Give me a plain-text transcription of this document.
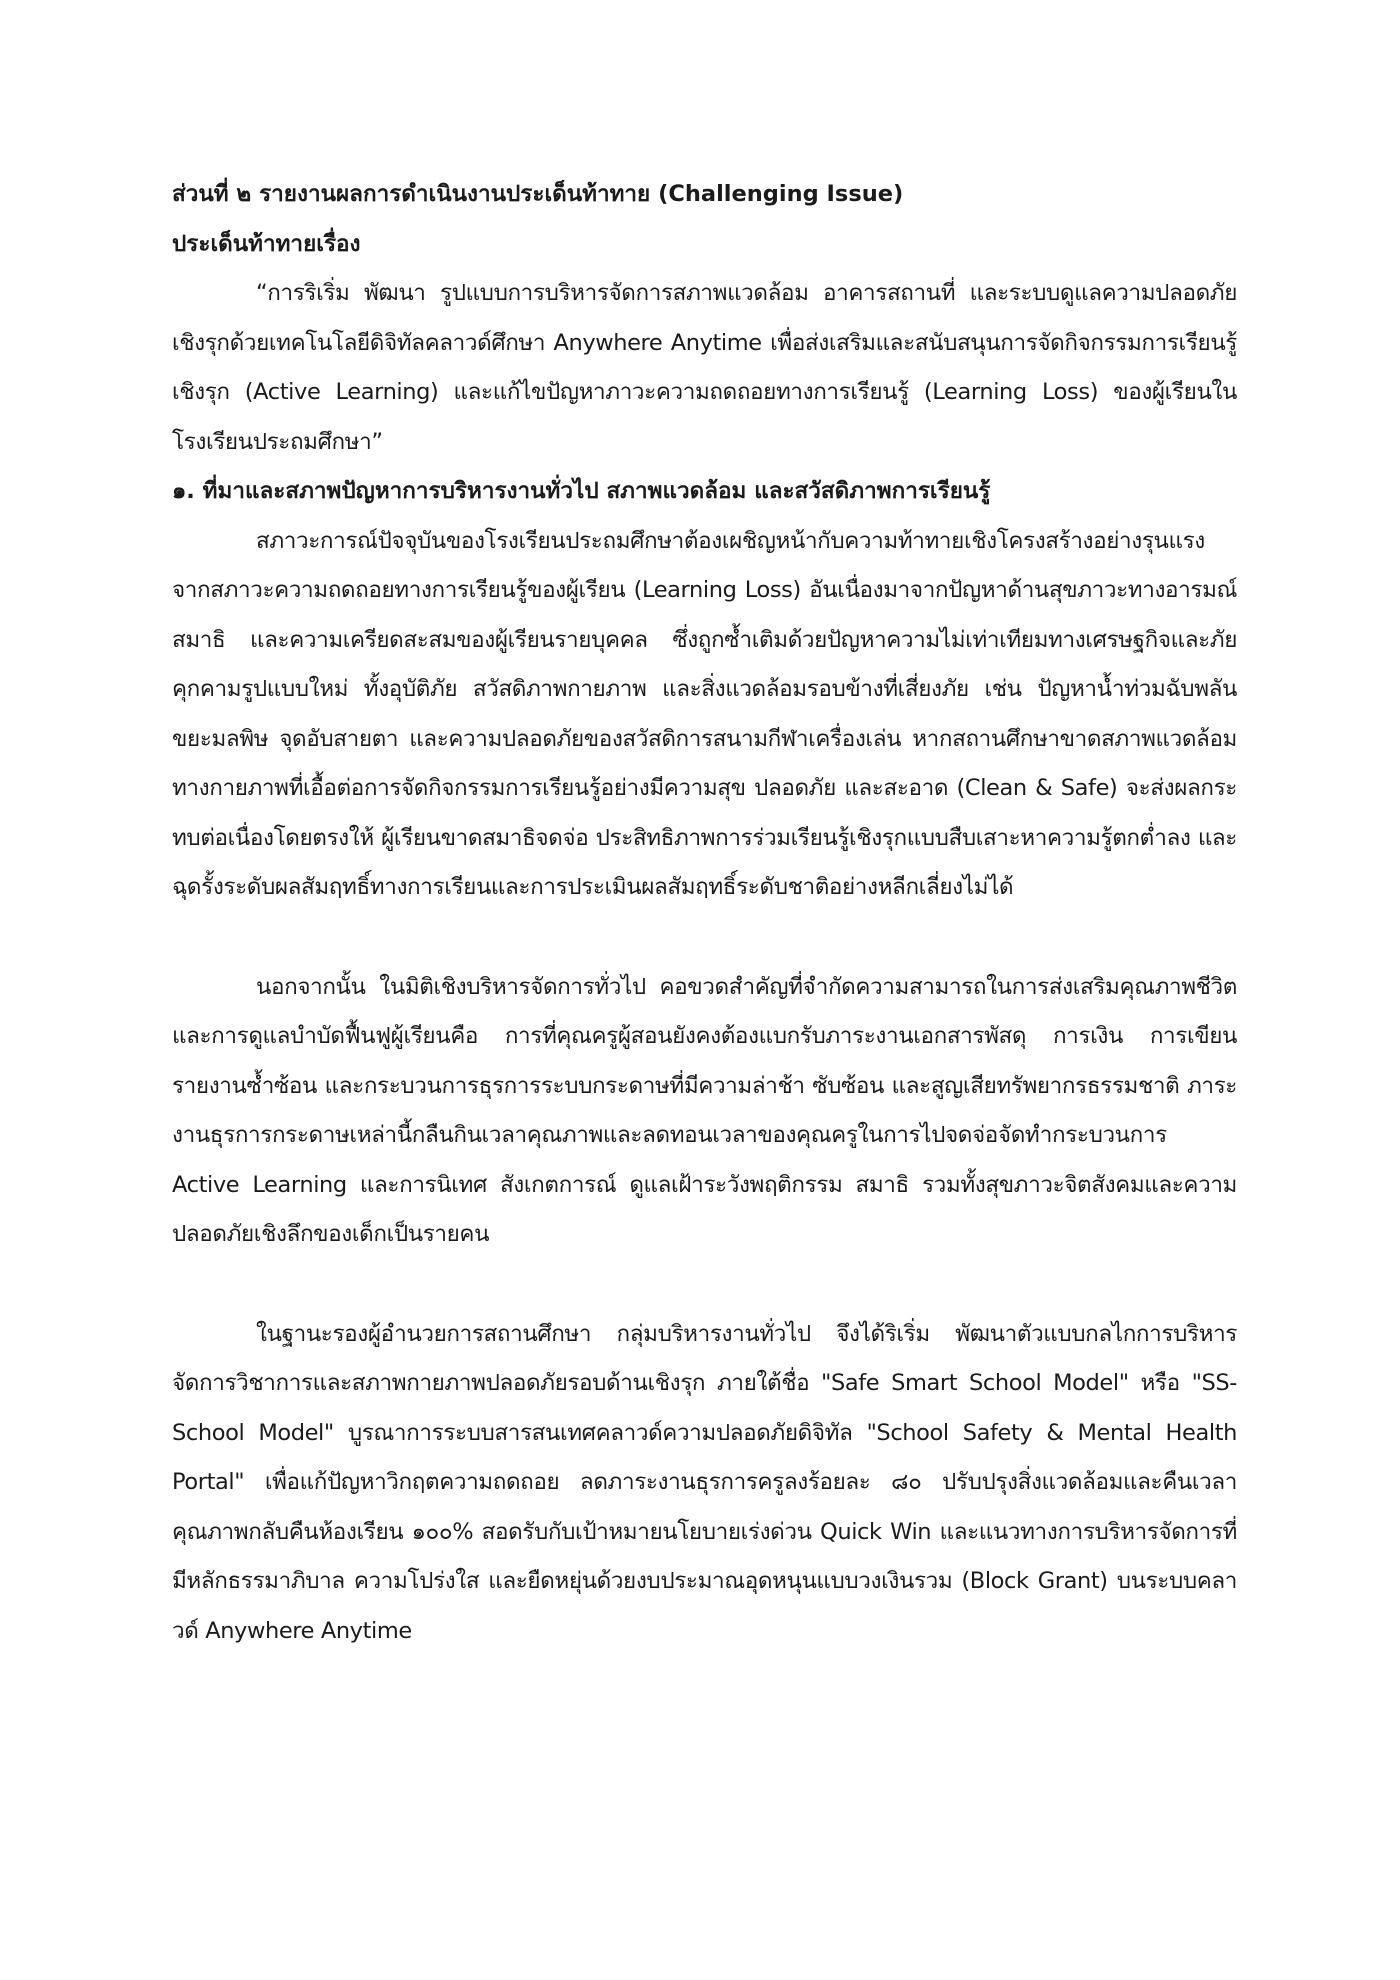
ส่วนที่ ๒ รายงานผลการดำเนินงานประเด็นท้าทาย (Challenging Issue)

ประเด็นท้าทายเรื่อง

“การริเริ่ม พัฒนา รูปแบบการบริหารจัดการสภาพแวดล้อม อาคารสถานที่ และระบบดูแลความปลอดภัยเชิงรุกด้วยเทคโนโลยีดิจิทัลคลาวด์ศึกษา Anywhere Anytime เพื่อส่งเสริมและสนับสนุนการจัดกิจกรรมการเรียนรู้เชิงรุก (Active Learning) และแก้ไขปัญหาภาวะความถดถอยทางการเรียนรู้ (Learning Loss) ของผู้เรียนในโรงเรียนประถมศึกษา”

๑. ที่มาและสภาพปัญหาการบริหารงานทั่วไป สภาพแวดล้อม และสวัสดิภาพการเรียนรู้

สภาวะการณ์ปัจจุบันของโรงเรียนประถมศึกษาต้องเผชิญหน้ากับความท้าทายเชิงโครงสร้างอย่างรุนแรงจากสภาวะความถดถอยทางการเรียนรู้ของผู้เรียน (Learning Loss) อันเนื่องมาจากปัญหาด้านสุขภาวะทางอารมณ์ สมาธิ และความเครียดสะสมของผู้เรียนรายบุคคล ซึ่งถูกซ้ำเติมด้วยปัญหาความไม่เท่าเทียมทางเศรษฐกิจและภัยคุกคามรูปแบบใหม่ ทั้งอุบัติภัย สวัสดิภาพกายภาพ และสิ่งแวดล้อมรอบข้างที่เสี่ยงภัย เช่น ปัญหาน้ำท่วมฉับพลัน ขยะมลพิษ จุดอับสายตา และความปลอดภัยของสวัสดิการสนามกีฬาเครื่องเล่น หากสถานศึกษาขาดสภาพแวดล้อมทางกายภาพที่เอื้อต่อการจัดกิจกรรมการเรียนรู้อย่างมีความสุข ปลอดภัย และสะอาด (Clean & Safe) จะส่งผลกระทบต่อเนื่องโดยตรงให้ ผู้เรียนขาดสมาธิจดจ่อ ประสิทธิภาพการร่วมเรียนรู้เชิงรุกแบบสืบเสาะหาความรู้ตกต่ำลง และฉุดรั้งระดับผลสัมฤทธิ์ทางการเรียนและการประเมินผลสัมฤทธิ์ระดับชาติอย่างหลีกเลี่ยงไม่ได้

นอกจากนั้น ในมิติเชิงบริหารจัดการทั่วไป คอขวดสำคัญที่จำกัดความสามารถในการส่งเสริมคุณภาพชีวิตและการดูแลบำบัดฟื้นฟูผู้เรียนคือ การที่คุณครูผู้สอนยังคงต้องแบกรับภาระงานเอกสารพัสดุ การเงิน การเขียนรายงานซ้ำซ้อน และกระบวนการธุรการระบบกระดาษที่มีความล่าช้า ซับซ้อน และสูญเสียทรัพยากรธรรมชาติ ภาระงานธุรการกระดาษเหล่านี้กลืนกินเวลาคุณภาพและลดทอนเวลาของคุณครูในการไปจดจ่อจัดทำกระบวนการ Active Learning และการนิเทศ สังเกตการณ์ ดูแลเฝ้าระวังพฤติกรรม สมาธิ รวมทั้งสุขภาวะจิตสังคมและความปลอดภัยเชิงลึกของเด็กเป็นรายคน

ในฐานะรองผู้อำนวยการสถานศึกษา กลุ่มบริหารงานทั่วไป จึงได้ริเริ่ม พัฒนาตัวแบบกลไกการบริหารจัดการวิชาการและสภาพกายภาพปลอดภัยรอบด้านเชิงรุก ภายใต้ชื่อ "Safe Smart School Model" หรือ "SS-School Model" บูรณาการระบบสารสนเทศคลาวด์ความปลอดภัยดิจิทัล "School Safety & Mental Health Portal" เพื่อแก้ปัญหาวิกฤตความถดถอย ลดภาระงานธุรการครูลงร้อยละ ๘๐ ปรับปรุงสิ่งแวดล้อมและคืนเวลาคุณภาพกลับคืนห้องเรียน ๑๐๐% สอดรับกับเป้าหมายนโยบายเร่งด่วน Quick Win และแนวทางการบริหารจัดการที่มีหลักธรรมาภิบาล ความโปร่งใส และยืดหยุ่นด้วยงบประมาณอุดหนุนแบบวงเงินรวม (Block Grant) บนระบบคลาวด์ Anywhere Anytime
